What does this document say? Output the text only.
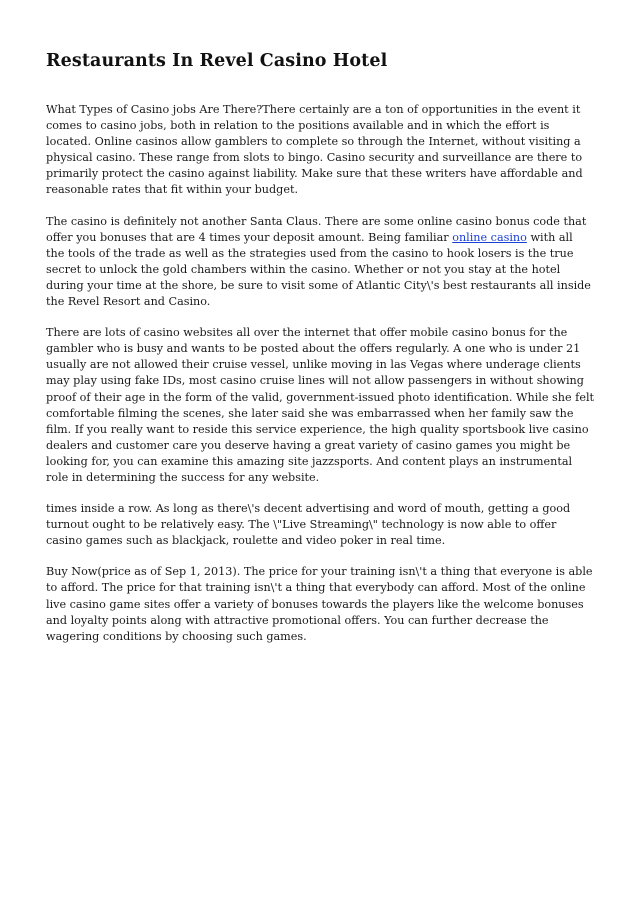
Restaurants In Revel Casino Hotel

What Types of Casino jobs Are There?There certainly are a ton of opportunities in the event it comes to casino jobs, both in relation to the positions available and in which the effort is located. Online casinos allow gamblers to complete so through the Internet, without visiting a physical casino. These range from slots to bingo. Casino security and surveillance are there to primarily protect the casino against liability. Make sure that these writers have affordable and reasonable rates that fit within your budget.

The casino is definitely not another Santa Claus. There are some online casino bonus code that offer you bonuses that are 4 times your deposit amount. Being familiar online casino with all the tools of the trade as well as the strategies used from the casino to hook losers is the true secret to unlock the gold chambers within the casino. Whether or not you stay at the hotel during your time at the shore, be sure to visit some of Atlantic City\'s best restaurants all inside the Revel Resort and Casino.

There are lots of casino websites all over the internet that offer mobile casino bonus for the gambler who is busy and wants to be posted about the offers regularly. A one who is under 21 usually are not allowed their cruise vessel, unlike moving in las Vegas where underage clients may play using fake IDs, most casino cruise lines will not allow passengers in without showing proof of their age in the form of the valid, government-issued photo identification. While she felt comfortable filming the scenes, she later said she was embarrassed when her family saw the film. If you really want to reside this service experience, the high quality sportsbook live casino dealers and customer care you deserve having a great variety of casino games you might be looking for, you can examine this amazing site jazzsports. And content plays an instrumental role in determining the success for any website.

times inside a row. As long as there\'s decent advertising and word of mouth, getting a good turnout ought to be relatively easy. The \"Live Streaming\" technology is now able to offer casino games such as blackjack, roulette and video poker in real time.

Buy Now(price as of Sep 1, 2013). The price for your training isn\'t a thing that everyone is able to afford. The price for that training isn\'t a thing that everybody can afford. Most of the online live casino game sites offer a variety of bonuses towards the players like the welcome bonuses and loyalty points along with attractive promotional offers. You can further decrease the wagering conditions by choosing such games.
